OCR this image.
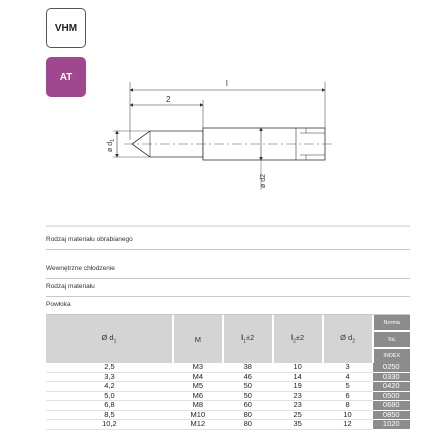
VHM
AT
l
2
ø $d_1$
ø d2
Rodzaj materiału obrabianego
Wewnętrzne chłodzenie
Rodzaj materiału
Powłoka
Ø $d_1$	M	$l_1\pm 2$	$l_2\pm 2$	Ø $d_2$	Norma
					ToL
					INDEX
2,5	M3	38	10	3	0250
3,3	M4	46	14	4	0330
4,2	M5	50	19	5	0420
5,0	M6	50	23	6	0500
6,8	M8	60	23	8	0680
8,5	M10	80	25	10	0850
10,2	M12	80	35	12	1020
